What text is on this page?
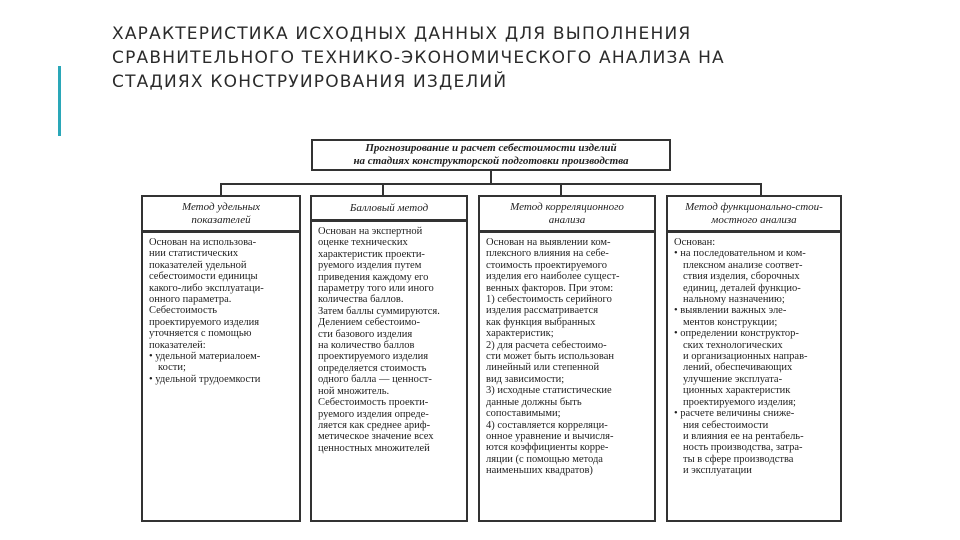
ХАРАКТЕРИСТИКА ИСХОДНЫХ ДАННЫХ ДЛЯ ВЫПОЛНЕНИЯ
СРАВНИТЕЛЬНОГО ТЕХНИКО-ЭКОНОМИЧЕСКОГО АНАЛИЗА НА
СТАДИЯХ КОНСТРУИРОВАНИЯ ИЗДЕЛИЙ
Прогнозирование и расчет себестоимости изделий
на стадиях конструкторской подготовки производства
Метод удельных
показателей
Основан на использова-
нии статистических
показателей удельной
себестоимости единицы
какого-либо эксплуатаци-
онного параметра.
Себестоимость
проектируемого изделия
уточняется с помощью
показателей:
• удельной материалоем-
кости;
• удельной трудоемкости
Балловый метод
Основан на экспертной
оценке технических
характеристик проекти-
руемого изделия путем
приведения каждому его
параметру того или иного
количества баллов.
Затем баллы суммируются.
Делением себестоимо-
сти базового изделия
на количество баллов
проектируемого изделия
определяется стоимость
одного балла — ценност-
ной множитель.
Себестоимость проекти-
руемого изделия опреде-
ляется как среднее ариф-
метическое значение всех
ценностных множителей
Метод корреляционного
анализа
Основан на выявлении ком-
плексного влияния на себе-
стоимость проектируемого
изделия его наиболее сущест-
венных факторов. При этом:
1) себестоимость серийного
изделия рассматривается
как функция выбранных
характеристик;
2) для расчета себестоимо-
сти может быть использован
линейный или степенной
вид зависимости;
3) исходные статистические
данные должны быть
сопоставимыми;
4) составляется корреляци-
онное уравнение и вычисля-
ются коэффициенты корре-
ляции (с помощью метода
наименьших квадратов)
Метод функционально-стои-
мостного анализа
Основан:
• на последовательном и ком-
плексном анализе соответ-
ствия изделия, сборочных
единиц, деталей функцио-
нальному назначению;
• выявлении важных эле-
ментов конструкции;
• определении конструктор-
ских технологических
и организационных направ-
лений, обеспечивающих
улучшение эксплуата-
ционных характеристик
проектируемого изделия;
• расчете величины сниже-
ния себестоимости
и влияния ее на рентабель-
ность производства, затра-
ты в сфере производства
и эксплуатации
